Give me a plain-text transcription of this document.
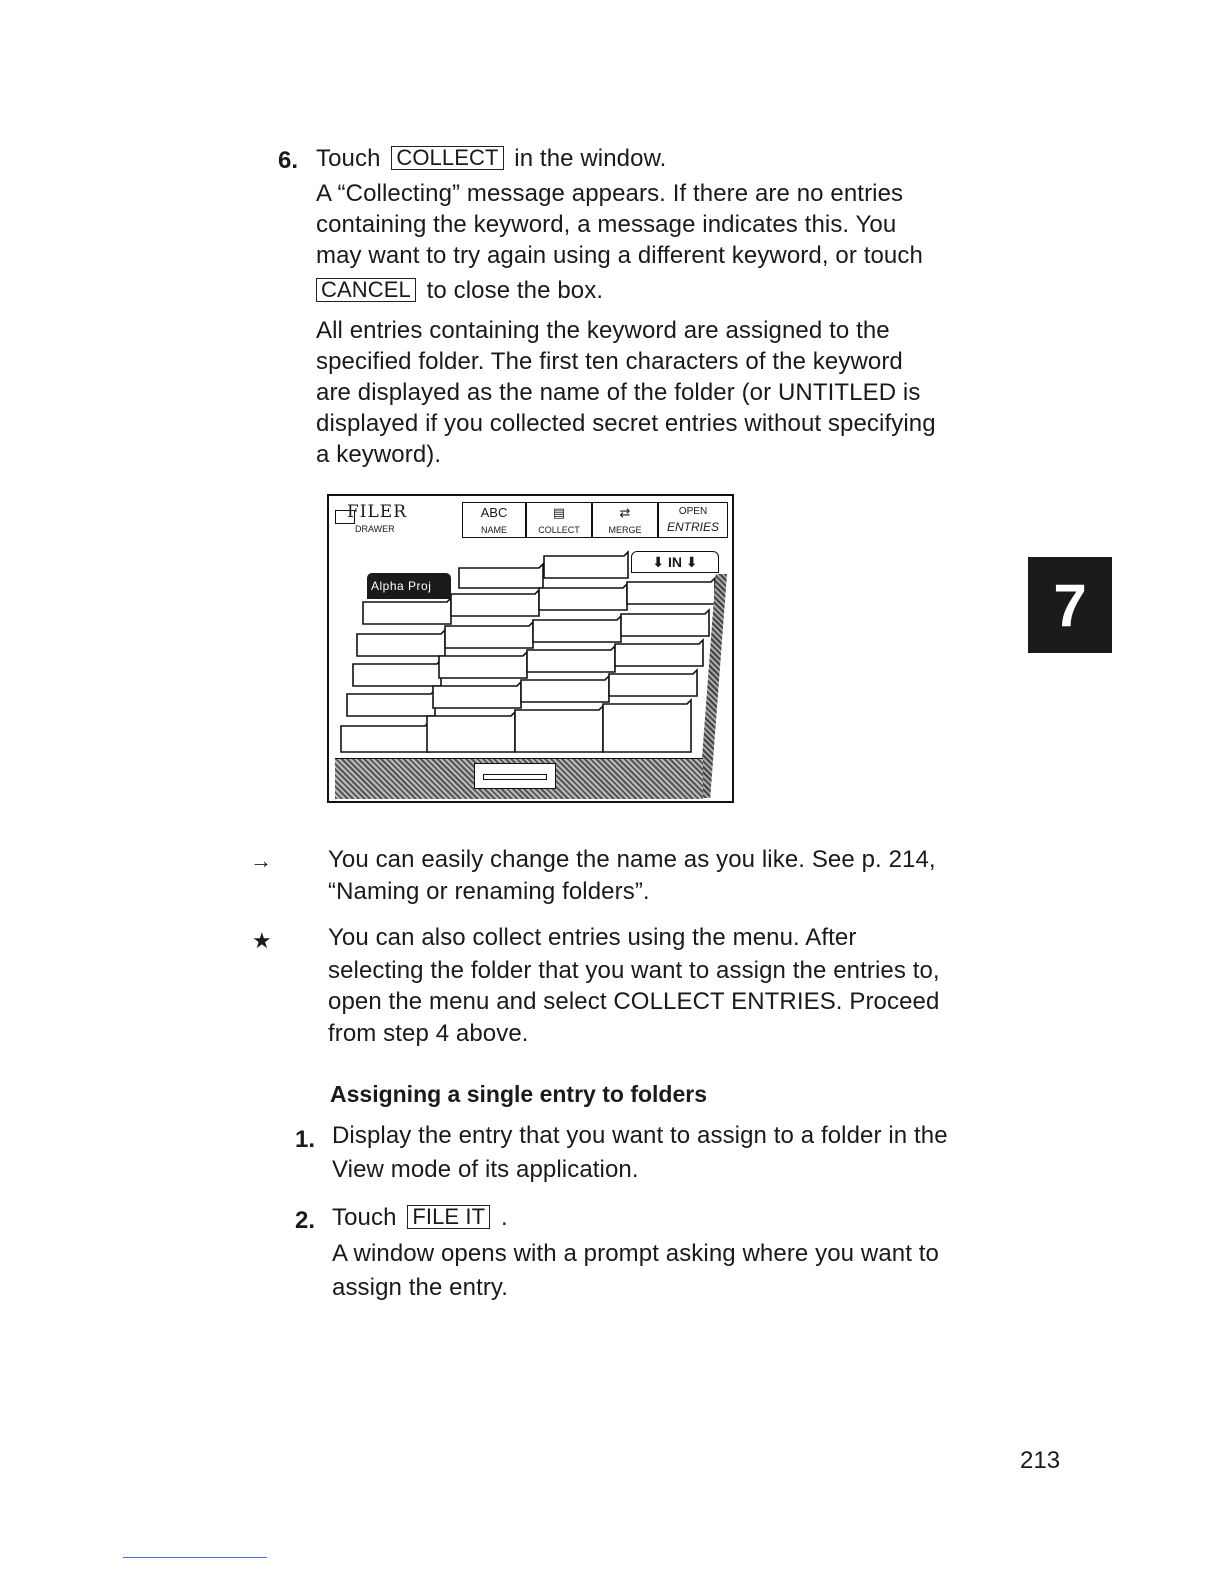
6. Touch COLLECT in the window.
A “Collecting” message appears. If there are no entries
containing the keyword, a message indicates this. You
may want to try again using a different keyword, or touch
CANCEL to close the box.
All entries containing the keyword are assigned to the
specified folder. The first ten characters of the keyword
are displayed as the name of the folder (or UNTITLED is
displayed if you collected secret entries without specifying
a keyword).
FILER
DRAWER
ABC
NAME
▤
COLLECT
⇄
MERGE
OPEN
ENTRIES
⬇ IN ⬇
Alpha Proj
→ You can easily change the name as you like. See p. 214,
“Naming or renaming folders”.
★ You can also collect entries using the menu. After
selecting the folder that you want to assign the entries to,
open the menu and select COLLECT ENTRIES. Proceed
from step 4 above.
Assigning a single entry to folders
1. Display the entry that you want to assign to a folder in the
View mode of its application.
2. Touch FILE IT .
A window opens with a prompt asking where you want to
assign the entry.
7
213
